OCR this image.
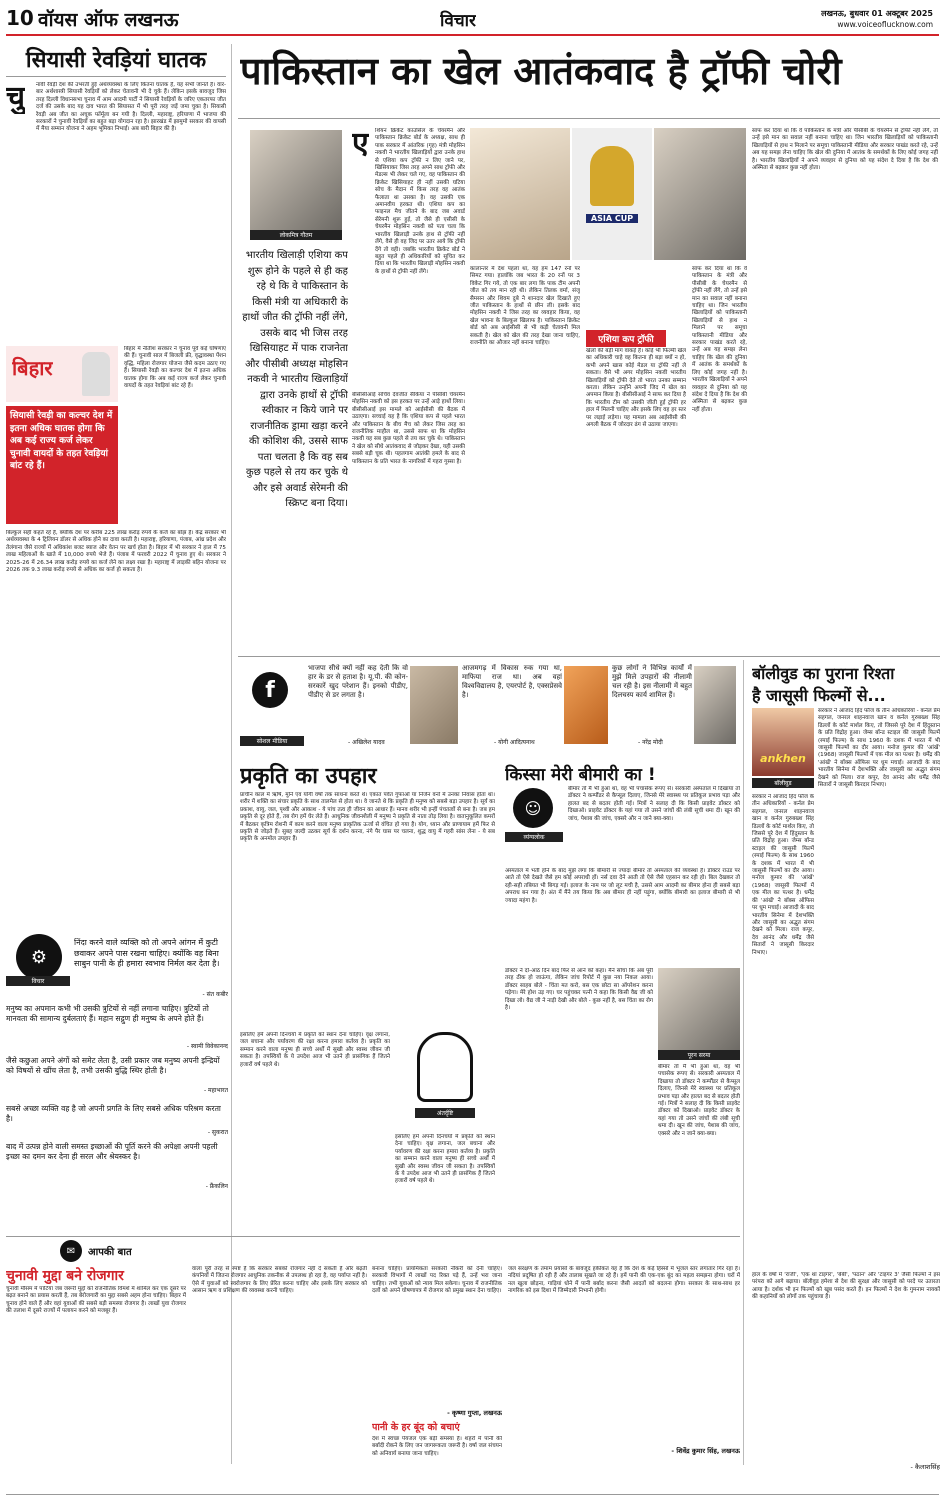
10 वॉयस ऑफ लखनऊ	विचार	लखनऊ, बुधवार 01 अक्टूबर 2025
www.voiceoflucknow.com
सियासी रेवड़ियां घातक
चु नावी रेवड़ी देश की उभरती हुई अर्थव्यवस्था के लिए कितना घातक है, यह सभी जानते हैं। वार-बार अर्थशास्त्री सियासी रेवड़ियों को लेकर चेतावनी भी दे चुके हैं। लेकिन इसके बावजूद जिस तरह दिल्ली विधानसभा चुनाव में आम आदमी पार्टी ने सियासी रेवड़ियों के जरिए एकतरफा जीत दर्ज की उसके बाद यह दाव भारत की सियासत में भी पूरी तरह जड़ें जमा चुका है। सियासी रेवड़ी अब जीत का अचूक फॉर्मूला बन गयी है। दिल्ली, महाराष्ट्र, हरियाणा में भाजपा की सरकारों ने चुनावी रेवड़ियों का बहुत बड़ा योगदान रहा है। झारखंड में झामुमो सरकार की वापसी में मैया सम्मान योजना ने अहम भूमिका निभाई। अब बारी बिहार की है।
बिहार
सियासी रेवड़ी का कल्चर देश में इतना अधिक घातक होगा कि अब कई राज्य कर्ज लेकर चुनावी वायदों के तहत रेवड़ियां बांट रहे हैं।
बिहार में नीतीश सरकार ने चुनाव पूर्व कई घोषणाएं की हैं। चुनावी साल में बिजली फ्री, वृद्धावस्था पेंशन वृद्धि, महिला रोजगार योजना जैसे कदम उठाए गए हैं। सियासी रेवड़ी का कल्चर देश में इतना अधिक घातक होगा कि अब कई राज्य कर्ज लेकर चुनावी वायदों के तहत रेवड़ियां बांट रहे हैं।
बिल्कुल सही कहते रहे हैं, क्योंकि देश पर करीब 225 लाख करोड़ रुपये के कर्ज का बोझ है। केंद्र सरकार भी अर्थव्यवस्था के 4 ट्रिलियन डॉलर से अधिक होने का दावा करती है। महाराष्ट्र, हरियाणा, पंजाब, आंध्र प्रदेश और तेलंगाना जैसे राज्यों में अधिकांश बजट ब्याज और वेतन पर खर्च होता है। बिहार में भी सरकार ने हाल में 75 लाख महिलाओं के खाते में 10,000 रुपये भेजे हैं। पंजाब में फरवरी 2022 में चुनाव हुए थे। सरकार ने 2025-26 में 26.34 लाख करोड़ रुपये का कर्ज लेने का लक्ष्य रखा है। महाराष्ट्र में लाड़की बहिन योजना पर 2026 तक 9.3 लाख करोड़ रुपये से अधिक का कर्ज हो सकता है।
पाकिस्तान का खेल आतंकवाद है ट्रॉफी चोरी
लोकमित्र गौतम
भारतीय खिलाड़ी एशिया कप शुरू होने के पहले से ही कह रहे थे कि वे पाकिस्तान के किसी मंत्री या अधिकारी के हाथों जीत की ट्रॉफी नहीं लेंगे, उसके बाद भी जिस तरह खिसियाहट में पाक राजनेता और पीसीबी अध्यक्ष मोहसिन नकवी ने भारतीय खिलाड़ियों द्वारा उनके हाथों से ट्रॉफी स्वीकार न किये जाने पर राजनीतिक ड्रामा खड़ा करने की कोशिश की, उससे साफ पता चलता है कि वह सब कुछ पहले से तय कर चुके थे और इसे अवार्ड सेरेमनी की स्क्रिप्ट बना दिया।
ए शियन क्रिकेट काउंसिल के चेयरमैन और पाकिस्तान क्रिकेट बोर्ड के अध्यक्ष, साथ ही पाक सरकार में आंतरिक (गृह) मंत्री मोहसिन नकवी ने भारतीय खिलाड़ियों द्वारा उनके हाथ से एशिया कप ट्रॉफी न लिए जाने पर, खिसियाकर जिस तरह अपने साथ ट्रॉफी और मेडल्स भी लेकर चले गए, वह पाकिस्तान की क्रिकेट खिसियाहट ही नहीं उसकी घटिया सोच के मैदान में किस तरह वह आतंक फैलाता था उसका है। वह उसकी एक अमानवीय हरकत थी। एशिया कप का फाइनल मैच जीतने के बाद जब अवार्ड सेरेमनी शुरू हुई, तो जैसे ही एसीसी के चेयरमैन मोहसिन नकवी को पता चला कि भारतीय खिलाड़ी उनके हाथ से ट्रॉफी नहीं लेंगे, वैसे ही वह जिद पर उतर आये कि ट्रॉफी देंगे तो वही। जबकि भारतीय क्रिकेट बोर्ड ने बहुत पहले ही अधिकारियों को सूचित कर दिया था कि भारतीय खिलाड़ी मोहसिन नकवी के हाथों से ट्रॉफी नहीं लेंगे।
बीसीसीआई सचिव देवजीत सैकिया ने पीसीबी चेयरमैन मोहसिन नकवी को इस हरकत पर उन्हें आड़े हाथों लिया। बीसीसीआई इस मामले को आईसीसी की बैठक में उठाएगा। सच्चाई यह है कि एशिया कप से पहले भारत और पाकिस्तान के बीच मैच को लेकर जिस तरह का राजनीतिक माहौल था, उससे साफ था कि मोहसिन नकवी यह सब कुछ पहले से तय कर चुके थे। पाकिस्तान ने खेल को सीधे आतंकवाद से जोड़कर देखा, यही उसकी सबसे बड़ी चूक थी। पहलगाम आतंकी हमले के बाद से पाकिस्तान के प्रति भारत के नागरिकों में गहरा गुस्सा है।
ASIA CUP
कालान्तर में देश पहला था, यह हम 147 रनों पर सिमट गया। हालांकि जब भारत के 20 रनों पर 3 विकेट गिर गये, तो एक बार लगा कि पाक टीम अपनी जीत को तय मान रही थी। लेकिन तिलक वर्मा, संजू सैमसन और शिवम दुबे ने शानदार खेल दिखाते हुए जीत पाकिस्तान के हाथों से छीन ली। इसके बाद मोहसिन नकवी ने जिस तरह का व्यवहार किया, वह खेल भावना के बिल्कुल खिलाफ है। पाकिस्तान क्रिकेट बोर्ड को अब आईसीसी से भी कड़ी चेतावनी मिल सकती है। खेल को खेल की तरह देखा जाना चाहिए, राजनीति का औजार नहीं बनाना चाहिए।	एशिया कप ट्रॉफी
खेलों की बड़ी मांग वाकई है। कोई भी फिल्मी खेल का अधिकारी चाहे वह कितना ही बड़ा क्यों न हो, कभी अपने खास कोई मेडल या ट्रॉफी नहीं ले सकता। वैसे भी अगर मोहसिन नकवी भारतीय खिलाड़ियों को ट्रॉफी देते तो भारत उनका सम्मान करता। लेकिन उन्होंने अपनी जिद में खेल का अपमान किया है। बीसीसीआई ने साफ कर दिया है कि भारतीय टीम को उसकी जीती हुई ट्रॉफी हर हाल में मिलनी चाहिए और इसके लिए वह हर स्तर पर लड़ाई लड़ेगा। यह मामला अब आईसीसी की अगली बैठक में जोरदार ढंग से उठाया जाएगा।
साफ कर दिया था कि वे पाकिस्तान के मंत्री और पीसीबी के चेयरमैन से ट्रॉफी नहीं लेंगे, तो उन्हें इसे मान का सवाल नहीं बनाना चाहिए था। जिन भारतीय खिलाड़ियों को पाकिस्तानी खिलाड़ियों से हाथ न मिलाने पर समूचा पाकिस्तानी मीडिया और सरकार पाखंड करते रहे, उन्हें अब यह समझ लेना चाहिए कि खेल की दुनिया में आतंक के समर्थकों के लिए कोई जगह नहीं है। भारतीय खिलाड़ियों ने अपने व्यवहार से दुनिया को यह संदेश दे दिया है कि देश की अस्मिता से बढ़कर कुछ नहीं होता।
साफ कर दिया था कि वे पाकिस्तान के मंत्री और पीसीबी के चेयरमैन से ट्रॉफी नहीं लेंगे, तो उन्हें इसे मान का सवाल नहीं बनाना चाहिए था। जिन भारतीय खिलाड़ियों को पाकिस्तानी खिलाड़ियों से हाथ न मिलाने पर समूचा पाकिस्तानी मीडिया और सरकार पाखंड करते रहे, उन्हें अब यह समझ लेना चाहिए कि खेल की दुनिया में आतंक के समर्थकों के लिए कोई जगह नहीं है। भारतीय खिलाड़ियों ने अपने व्यवहार से दुनिया को यह संदेश दे दिया है कि देश की अस्मिता से बढ़कर कुछ नहीं होता।
f
सोशल मीडिया
भाजपा सीधे क्यों नहीं कह देती कि वो हार के डर से हताश है। यू.पी. की कोन-सरकारें खुद परेशान हैं। इनको पीडीए, पीडीए से डर लगता है।
- अखिलेश यादव
आजमगढ़ में विकास रुक गया था, माफिया राज था। अब वहां विश्वविद्यालय है, एयरपोर्ट है, एक्सप्रेसवे है।
- योगी आदित्यनाथ
कुछ लोगों ने विभिन्न कार्यों में मुझे मिले उपहारों की नीलामी चल रही है। इस नीलामी में बहुत दिलचस्प कार्य शामिल हैं।
- नरेंद्र मोदी
प्रकृति का उपहार
प्राचीन काल में ऋषि, मुनि एवं योगी वर्षों तक साधना करते थे। एकांत पर्वत गुफाओं या निर्जन वनों में उनका निवास होता था। शरीर में शक्ति का संचार प्रकृति के साथ तालमेल से होता था। वे जानते थे कि प्रकृति ही मनुष्य को सबसे बड़ा उपहार है। सूर्य का प्रकाश, वायु, जल, पृथ्वी और आकाश - ये पांच तत्व ही जीवन का आधार हैं। मानव शरीर भी इन्हीं पंचतत्वों से बना है। जब हम प्रकृति से दूर होते हैं, तब रोग हमें घेर लेते हैं। आधुनिक जीवनशैली में मनुष्य ने प्रकृति से नाता तोड़ लिया है। वातानुकूलित कमरों में बैठकर कृत्रिम रोशनी में काम करने वाला मनुष्य प्राकृतिक ऊर्जा से वंचित हो गया है। योग, ध्यान और प्राणायाम हमें फिर से प्रकृति से जोड़ते हैं। सुबह जल्दी उठकर सूर्य के दर्शन करना, नंगे पैर घास पर चलना, शुद्ध वायु में गहरी सांस लेना - ये सब प्रकृति के अनमोल उपहार हैं।
अंतर्दृष्टि
इसलिए हमें अपनी दिनचर्या में प्रकृति को स्थान देना चाहिए। वृक्ष लगाना, जल बचाना और पर्यावरण की रक्षा करना हमारा कर्तव्य है। प्रकृति का सम्मान करने वाला मनुष्य ही सच्चे अर्थों में सुखी और स्वस्थ जीवन जी सकता है। तपस्वियों के ये उपदेश आज भी उतने ही प्रासंगिक हैं जितने हजारों वर्ष पहले थे।
इसलिए हमें अपनी दिनचर्या में प्रकृति को स्थान देना चाहिए। वृक्ष लगाना, जल बचाना और पर्यावरण की रक्षा करना हमारा कर्तव्य है। प्रकृति का सम्मान करने वाला मनुष्य ही सच्चे अर्थों में सुखी और स्वस्थ जीवन जी सकता है। तपस्वियों के ये उपदेश आज भी उतने ही प्रासंगिक हैं जितने हजारों वर्ष पहले थे।
⚙
विचार
निंदा करने वाले व्यक्ति को तो अपने आंगन में कुटी छवाकर अपने पास रखना चाहिए। क्योंकि वह बिना साबुन पानी के ही हमारा स्वभाव निर्मल कर देता है।
- संत कबीर
मनुष्य का अपमान कभी भी उसकी त्रुटियों से नहीं लगाना चाहिए। त्रुटियों तो मानवता की सामान्य दुर्बलताएं हैं। महान सद्गुण ही मनुष्य के अपने होते हैं।
- स्वामी विवेकानन्द
जैसे कछुआ अपने अंगों को समेट लेता है, उसी प्रकार जब मनुष्य अपनी इन्द्रियों को विषयों से खींच लेता है, तभी उसकी बुद्धि स्थिर होती है।
- महाभारत
सबसे अच्छा व्यक्ति वह है जो अपनी प्रगति के लिए सबसे अधिक परिश्रम करता है।
- सुकरात
बाद में उत्पन्न होने वाली समस्त इच्छाओं की पूर्ति करने की अपेक्षा अपनी पहली इच्छा का दमन कर देना ही सरल और श्रेयस्कर है।
- फ्रैंकलिन
किस्सा मेरी बीमारी का !
☺
व्यंग्यलोक
बीमार तो मैं भी हुआ था, वह भी पचासेक रूपए से। सरकारी अस्पताल में दिखाया तो डॉक्टर ने कम्पौंडर से कैप्सूल दिलाए, जिनसे मेरे स्वास्थ्य पर प्रतिकूल प्रभाव पड़ा और हालत बद से बदतर होती गई। मित्रों ने सलाह दी कि किसी प्राइवेट डॉक्टर को दिखाओ। प्राइवेट डॉक्टर के यहां गया तो उसने जांचों की लंबी सूची थमा दी। खून की जांच, पेशाब की जांच, एक्सरे और न जाने क्या-क्या।
अस्पताल में भर्ती होने के बाद मुझे लगा कि बीमारी से ज्यादा बीमार तो अस्पताल की व्यवस्था है। डॉक्टर राउंड पर आते तो ऐसे देखते जैसे हम कोई अपराधी हों। नर्स दवा देने आती तो ऐसे जैसे एहसान कर रही हो। बिल देखकर तो रही-सही तबियत भी बिगड़ गई। इलाज के नाम पर जो लूट मची है, उससे आम आदमी का बीमार होना ही सबसे बड़ा अपराध बन गया है। अंत में मैंने तय किया कि अब बीमार ही नहीं पड़ूंगा, क्योंकि बीमारी का इलाज बीमारी से भी ज्यादा महंगा है।
पूरन सरमा
डॉक्टर ने दो-आठ दिन बाद फिर से आने को कहा। मैंने सोचा कि अब पूरी तरह ठीक हो जाऊंगा, लेकिन जांच रिपोर्ट में कुछ नया निकल आया। डॉक्टर साहब बोले - चिंता मत करो, बस एक छोटा सा ऑपरेशन करना पड़ेगा। मेरे होश उड़ गए। घर पहुंचकर पत्नी ने कहा कि किसी वैद्य जी को दिखा लो। वैद्य जी ने नाड़ी देखी और बोले - कुछ नहीं है, बस चिंता का रोग है।
बीमार तो मैं भी हुआ था, वह भी पचासेक रूपए से। सरकारी अस्पताल में दिखाया तो डॉक्टर ने कम्पौंडर से कैप्सूल दिलाए, जिनसे मेरे स्वास्थ्य पर प्रतिकूल प्रभाव पड़ा और हालत बद से बदतर होती गई। मित्रों ने सलाह दी कि किसी प्राइवेट डॉक्टर को दिखाओ। प्राइवेट डॉक्टर के यहां गया तो उसने जांचों की लंबी सूची थमा दी। खून की जांच, पेशाब की जांच, एक्सरे और न जाने क्या-क्या।
बॉलीवुड का पुराना रिश्ता
है जासूसी फिल्मों से...
ankhen
बॉलीवुड
सरकार ने आजाद हिंद फौज के तीन अधिकारियों - कर्नल प्रेम सहगल, जनरल शाहनवाज खान व कर्नल गुरुबख्श सिंह ढिल्लों के कोर्ट मार्शल किए, तो जिससे पूरे देश में हिंदुस्तान के प्रति विद्रोह हुआ। जेम्स बॉन्ड स्टाइल की जासूसी फिल्में (स्पाई फिल्म) के साथ 1960 के दशक में भारत में भी जासूसी फिल्मों का दौर आया। मनोज कुमार की 'आंखें' (1968) जासूसी फिल्मों में एक मील का पत्थर है। धर्मेंद्र की 'आंखें' ने बॉक्स ऑफिस पर धूम मचाई। आजादी के बाद भारतीय सिनेमा में देशभक्ति और जासूसी का अद्भुत संगम देखने को मिला। राज कपूर, देव आनंद और धर्मेंद्र जैसे सितारों ने जासूसी किरदार निभाए।
सरकार ने आजाद हिंद फौज के तीन अधिकारियों - कर्नल प्रेम सहगल, जनरल शाहनवाज खान व कर्नल गुरुबख्श सिंह ढिल्लों के कोर्ट मार्शल किए, तो जिससे पूरे देश में हिंदुस्तान के प्रति विद्रोह हुआ। जेम्स बॉन्ड स्टाइल की जासूसी फिल्में (स्पाई फिल्म) के साथ 1960 के दशक में भारत में भी जासूसी फिल्मों का दौर आया। मनोज कुमार की 'आंखें' (1968) जासूसी फिल्मों में एक मील का पत्थर है। धर्मेंद्र की 'आंखें' ने बॉक्स ऑफिस पर धूम मचाई। आजादी के बाद भारतीय सिनेमा में देशभक्ति और जासूसी का अद्भुत संगम देखने को मिला। राज कपूर, देव आनंद और धर्मेंद्र जैसे सितारों ने जासूसी किरदार निभाए।
हाल के वर्षों में 'राजी', 'एक था टाइगर', 'बेबी', 'पठान' और 'टाइगर 3' जैसी फिल्मों ने इस परंपरा को आगे बढ़ाया। बॉलीवुड हमेशा से देश की सुरक्षा और जासूसी को परदे पर उतारता आया है। दर्शक भी इन फिल्मों को खूब पसंद करते हैं। इन फिल्मों ने देश के गुमनाम नायकों की कहानियों को लोगों तक पहुंचाया है।
- कैलाशसिंह
✉	आपकी बात
चुनावी मुद्दा बने रोजगार
चुनावी मौसम में पार्टियां जब जरूरी मुद्दों को राजनीतिक विमर्श में शामिल कर एक दूसरे पर बढ़त बनाने का प्रयास करती हैं, तब बेरोजगारी का मुद्दा सबसे अहम होना चाहिए। बिहार में चुनाव होने वाले हैं और वहां युवाओं की सबसे बड़ी समस्या रोजगार है। लाखों युवा रोजगार की तलाश में दूसरे राज्यों में पलायन करने को मजबूर हैं।
वाला पूरी तरह से स्पष्ट है कि सरकार सबको रोजगार नहीं दे सकती है और बढ़ती कंपनियों में जितना रोजगार आधुनिक तकनीक से उपलब्ध हो रहा है, वह पर्याप्त नहीं है। ऐसे में युवाओं को स्वरोजगार के लिए प्रेरित करना चाहिए और इसके लिए सरकार को आसान ऋण व प्रशिक्षण की व्यवस्था करनी चाहिए।
बनाना चाहिए। प्रायमिकता सरकारी नौकरी को देनी चाहिए। सरकारी विभागों में लाखों पद रिक्त पड़े हैं, उन्हें भरा जाना चाहिए। तभी युवाओं को न्याय मिल सकेगा। चुनाव में राजनीतिक दलों को अपने घोषणापत्र में रोजगार को प्रमुख स्थान देना चाहिए।
- कृष्णा गुप्ता, लखनऊ
पानी के हर बूंद को बचाएं
देश में स्वच्छ पेयजल एक बड़ी समस्या है। शहरों में पानी की बर्बादी रोकने के लिए जन जागरूकता जरूरी है। वर्षा जल संचयन को अनिवार्य बनाया जाना चाहिए।
जल संरक्षण के तमाम प्रयासों के बावजूद हकीकत यह है कि देश के कई हिस्सों में भूजल स्तर लगातार गिर रहा है। नदियां प्रदूषित हो रही हैं और तालाब सूखते जा रहे हैं। हमें पानी की एक-एक बूंद का महत्व समझना होगा। घरों में नल खुला छोड़ना, गाड़ियां धोने में पानी बर्बाद करना जैसी आदतों को बदलना होगा। सरकार के साथ-साथ हर नागरिक को इस दिशा में जिम्मेदारी निभानी होगी।
- शिवेंद्र कुमार सिंह, लखनऊ
